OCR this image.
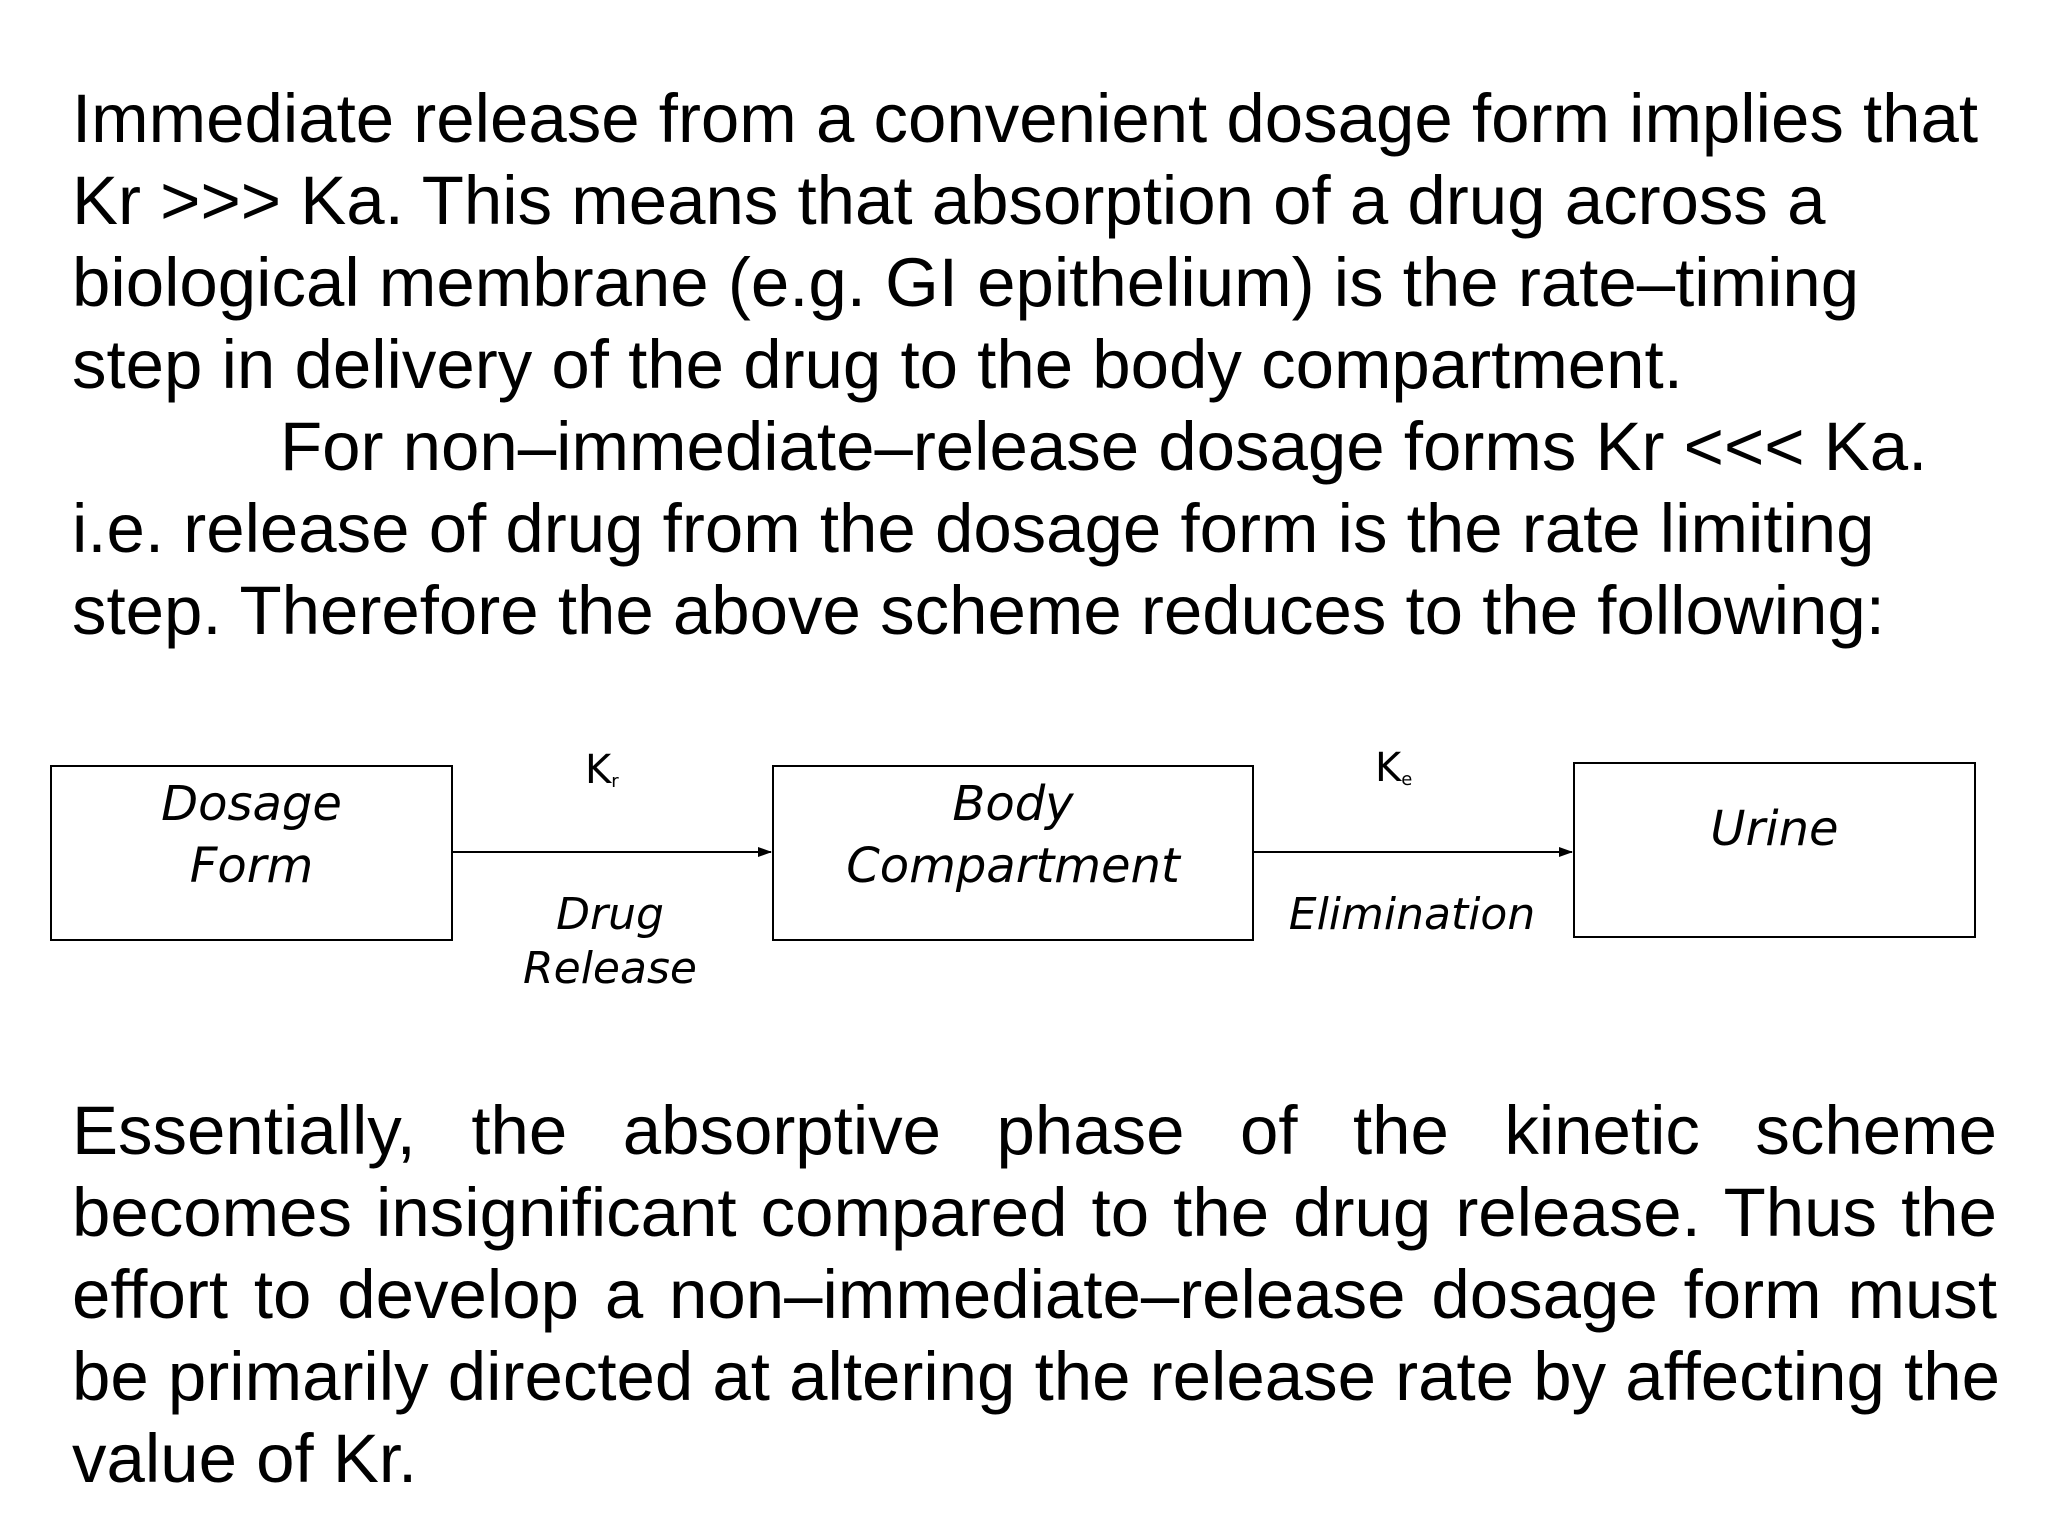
Immediate release from a convenient dosage form implies that
Kr >>> Ka. This means that absorption of a drug across a
biological membrane (e.g. GI epithelium) is the rate–timing
step in delivery of the drug to the body compartment.
For non–immediate–release dosage forms Kr <<< Ka.
i.e. release of drug from the dosage form is the rate limiting
step. Therefore the above scheme reduces to the following:
Dosage
Form
Body
Compartment
Urine
$K_r$	$K_e$
Drug
Release
Elimination
Essentially, the absorptive phase of the kinetic scheme
becomes insignificant compared to the drug release. Thus the
effort to develop a non–immediate–release dosage form must
be primarily directed at altering the release rate by affecting the
value of Kr.
